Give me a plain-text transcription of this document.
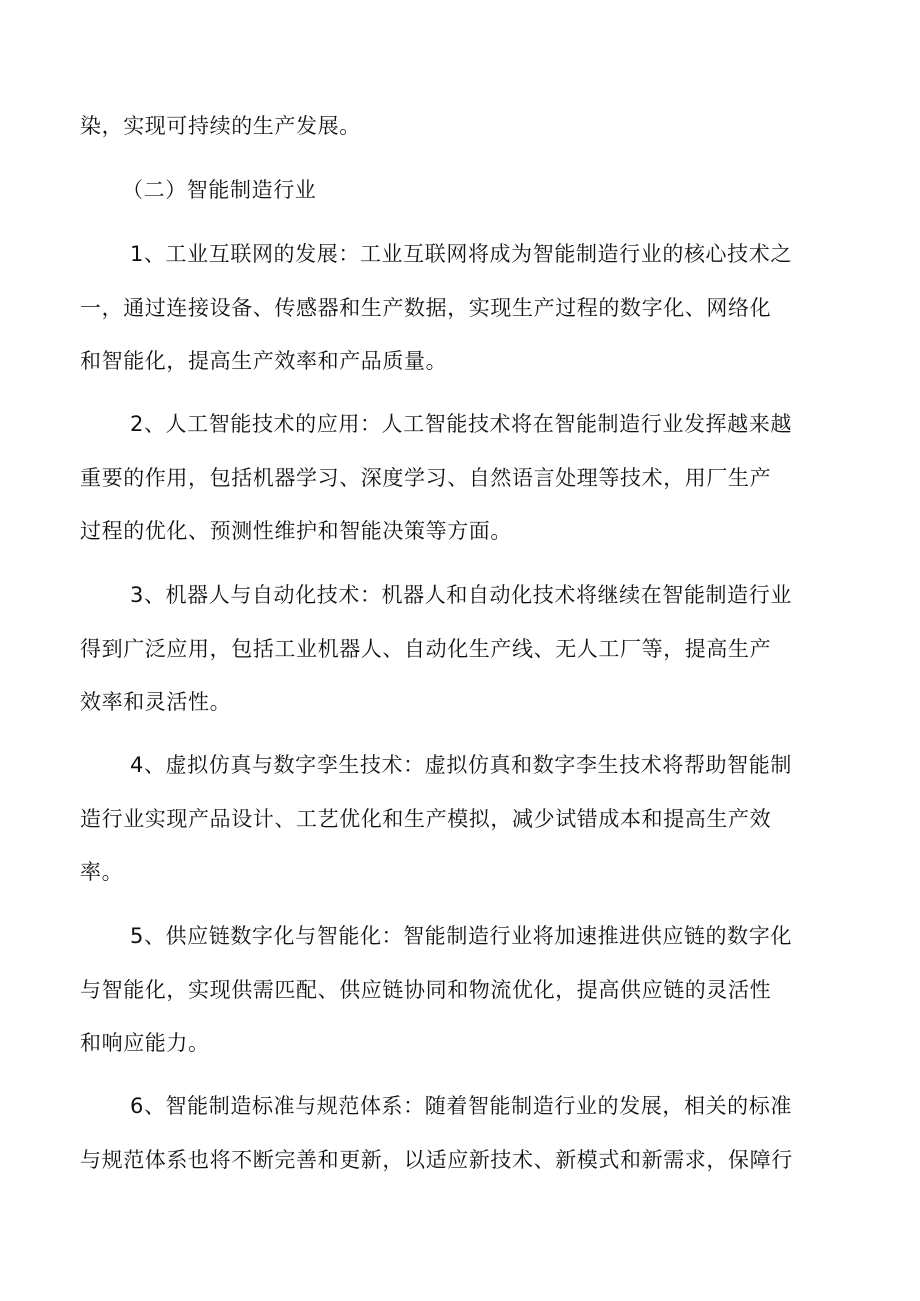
染，实现可持续的生产发展。
（二）智能制造行业
1、工业互联网的发展：工业互联网将成为智能制造行业的核心技术之
一，通过连接设备、传感器和生产数据，实现生产过程的数字化、网络化
和智能化，提高生产效率和产品质量。
2、人工智能技术的应用：人工智能技术将在智能制造行业发挥越来越
重要的作用，包括机器学习、深度学习、自然语言处理等技术，用厂生产
过程的优化、预测性维护和智能决策等方面。
3、机器人与自动化技术：机器人和自动化技术将继续在智能制造行业
得到广泛应用，包括工业机器人、自动化生产线、无人工厂等，提高生产
效率和灵活性。
4、虚拟仿真与数字孪生技术：虚拟仿真和数字李生技术将帮助智能制
造行业实现产品设计、工艺优化和生产模拟，减少试错成本和提高生产效
率。
5、供应链数字化与智能化：智能制造行业将加速推进供应链的数字化
与智能化，实现供需匹配、供应链协同和物流优化，提高供应链的灵活性
和响应能力。
6、智能制造标准与规范体系：随着智能制造行业的发展，相关的标准
与规范体系也将不断完善和更新，以适应新技术、新模式和新需求，保障行
